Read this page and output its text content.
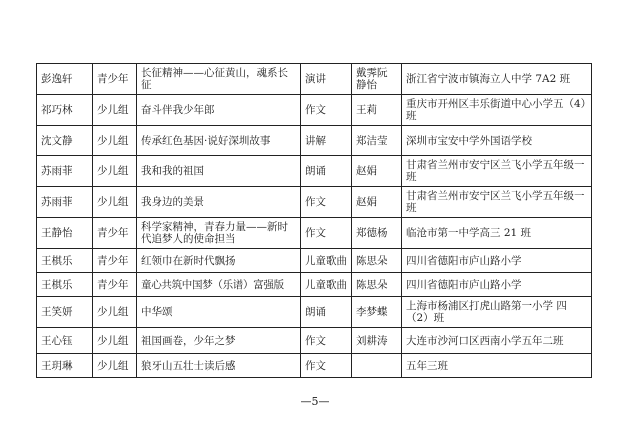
彭逸轩	青少年	长征精神——心征黄山，魂系长征	演讲	戴霁阮静怡	浙江省宁波市镇海立人中学 7A2 班
祁巧林	少儿组	奋斗伴我少年郎	作文	王莉	重庆市开州区丰乐街道中心小学五（4）班
沈文静	少儿组	传承红色基因·说好深圳故事	讲解	郑洁莹	深圳市宝安中学外国语学校
苏雨菲	少儿组	我和我的祖国	朗诵	赵娟	甘肃省兰州市安宁区兰飞小学五年级一班
苏雨菲	少儿组	我身边的美景	作文	赵娟	甘肃省兰州市安宁区兰飞小学五年级一班
王静怡	青少年	科学家精神，青春力量——新时代追梦人的使命担当	作文	郑德杨	临沧市第一中学高三 21 班
王棋乐	青少年	红领巾在新时代飘扬	儿童歌曲	陈思朵	四川省德阳市庐山路小学
王棋乐	青少年	童心共筑中国梦（乐谱）富强版	儿童歌曲	陈思朵	四川省德阳市庐山路小学
王笑妍	少儿组	中华颂	朗诵	李梦蝶	上海市杨浦区打虎山路第一小学 四（2）班
王心钰	少儿组	祖国画卷，少年之梦	作文	刘耕涛	大连市沙河口区西南小学五年二班
王玥琳	少儿组	狼牙山五壮士读后感	作文		五年三班
—5—
